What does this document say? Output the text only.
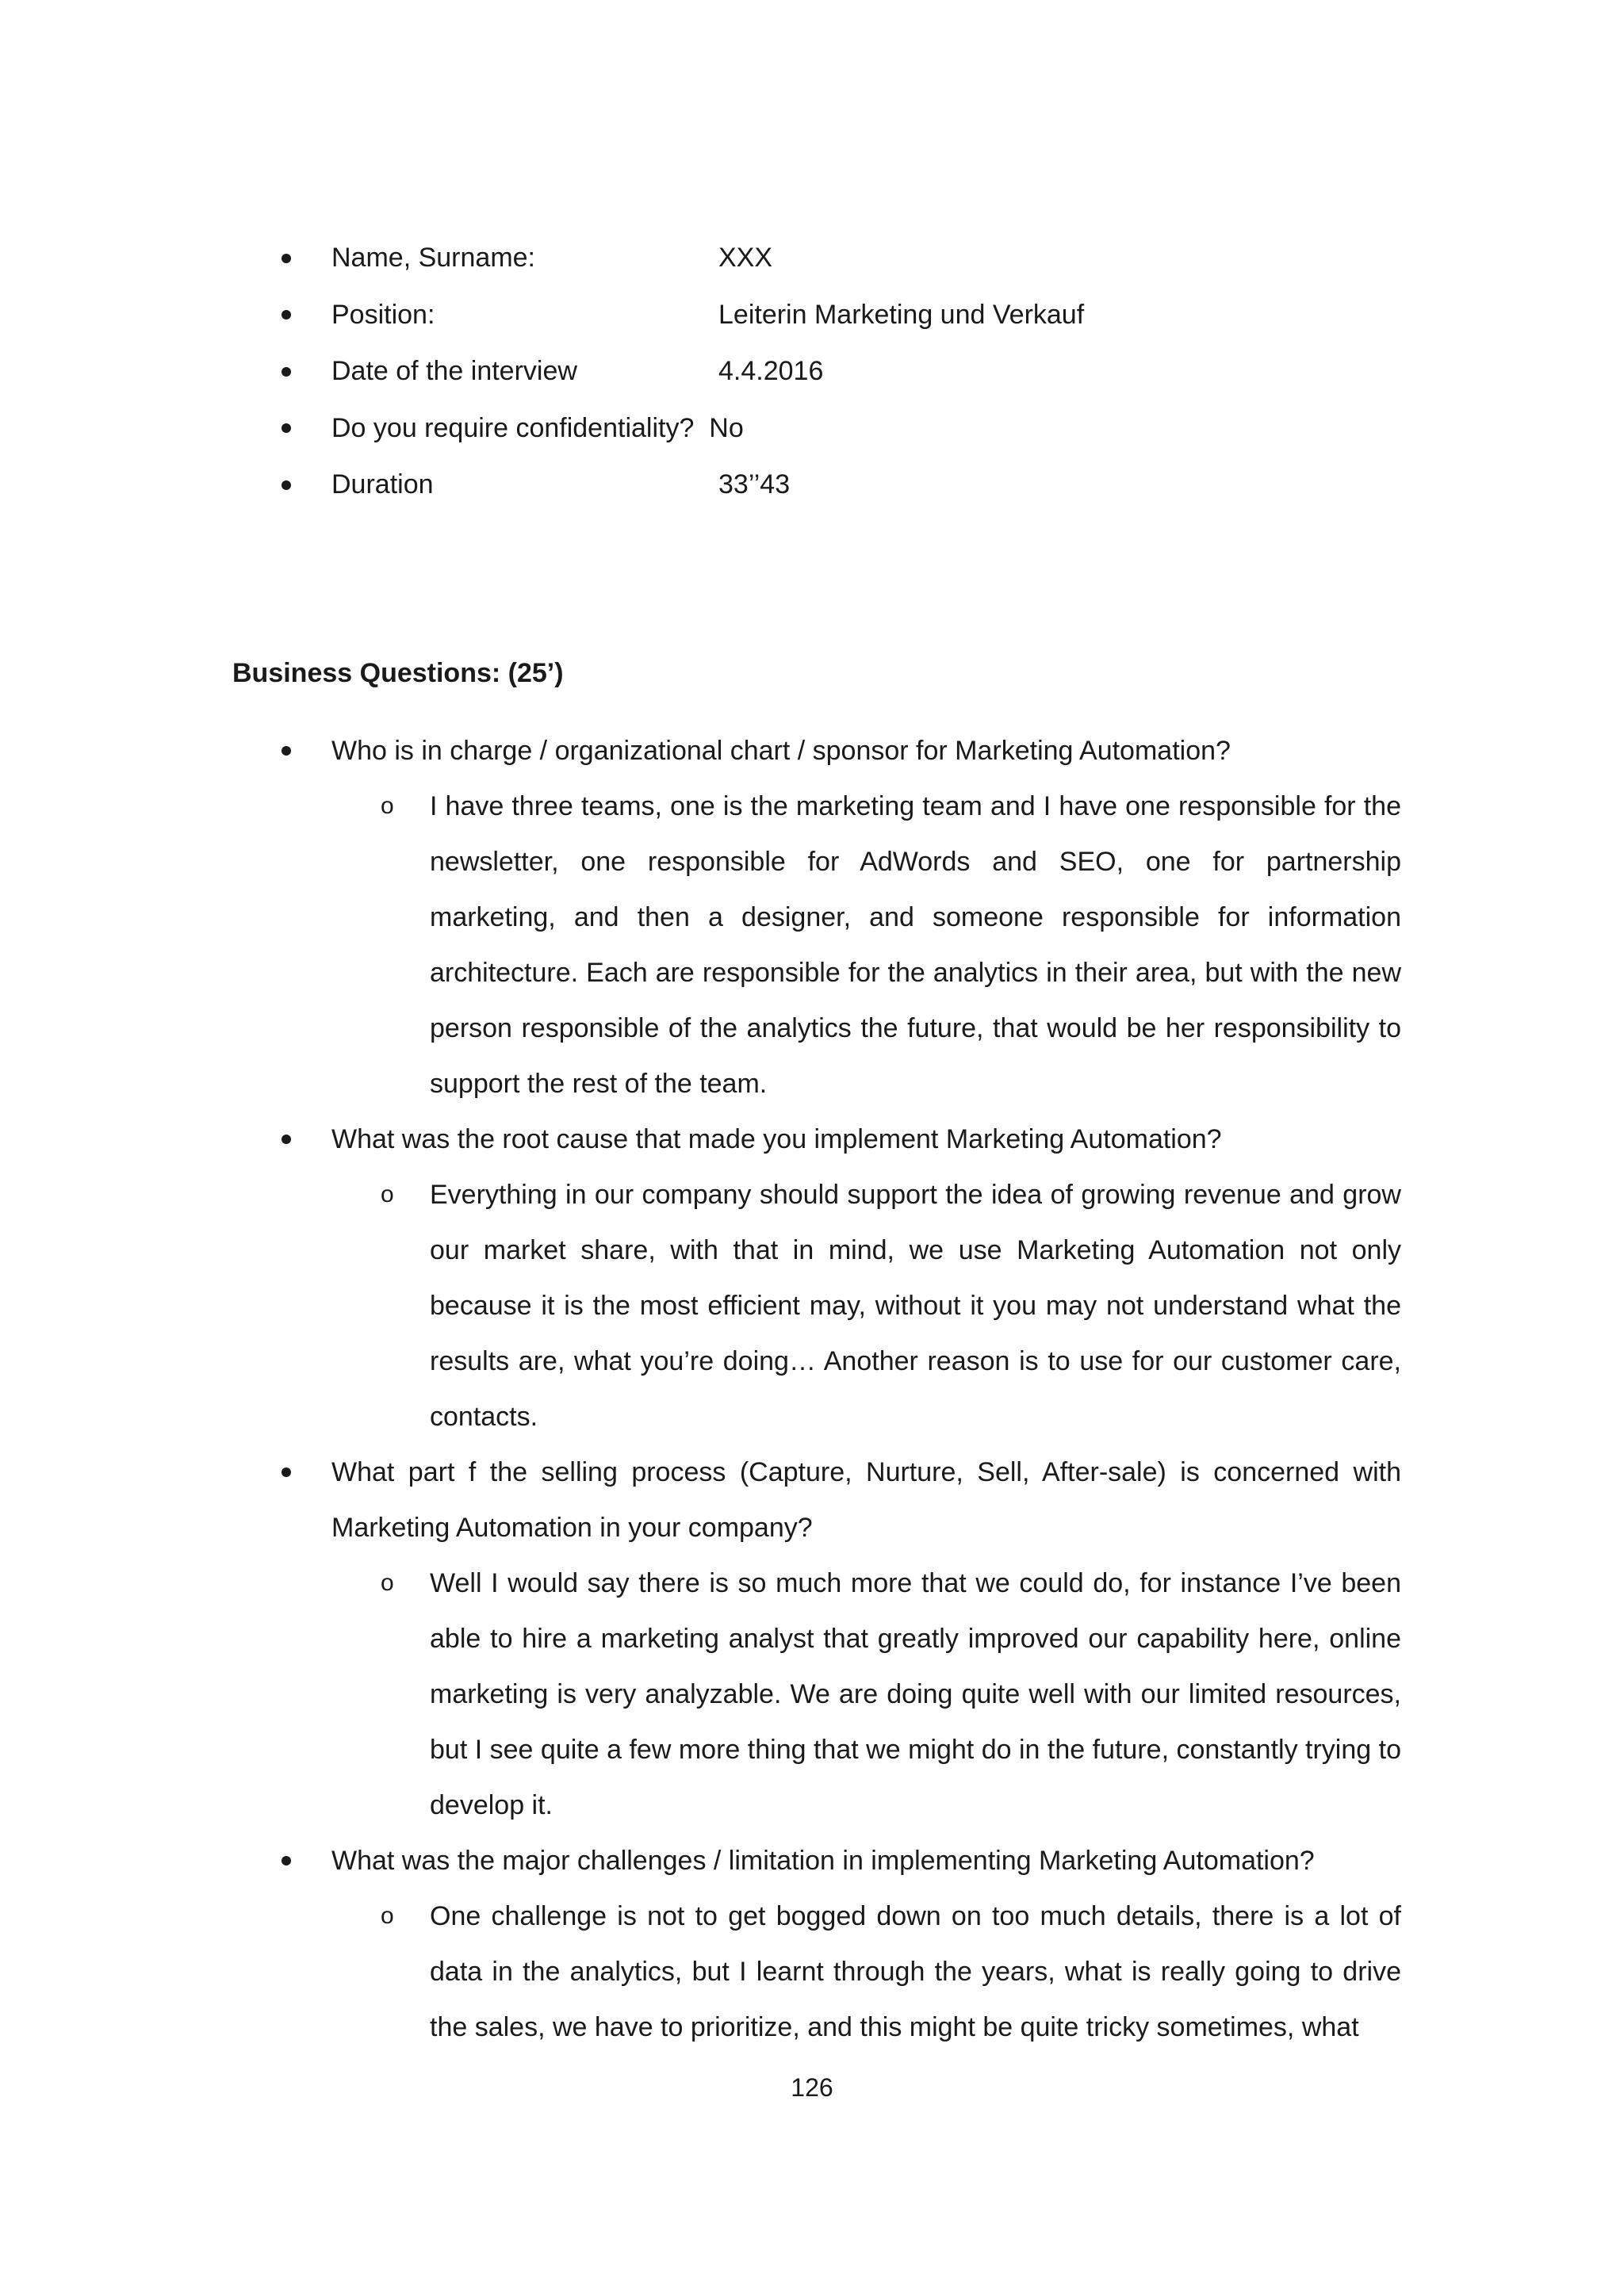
Name, Surname:	XXX
Position:	Leiterin Marketing und Verkauf
Date of the interview	4.4.2016
Do you require confidentiality? No
Duration	33’’43
Business Questions: (25’)
Who is in charge / organizational chart / sponsor for Marketing Automation?
o I have three teams, one is the marketing team and I have one responsible for the newsletter, one responsible for AdWords and SEO, one for partnership marketing, and then a designer, and someone responsible for information architecture. Each are responsible for the analytics in their area, but with the new person responsible of the analytics the future, that would be her responsibility to support the rest of the team.
What was the root cause that made you implement Marketing Automation?
o Everything in our company should support the idea of growing revenue and grow our market share, with that in mind, we use Marketing Automation not only because it is the most efficient may, without it you may not understand what the results are, what you’re doing… Another reason is to use for our customer care, contacts.
What part f the selling process (Capture, Nurture, Sell, After-sale) is concerned with Marketing Automation in your company?
o Well I would say there is so much more that we could do, for instance I’ve been able to hire a marketing analyst that greatly improved our capability here, online marketing is very analyzable. We are doing quite well with our limited resources, but I see quite a few more thing that we might do in the future, constantly trying to develop it.
What was the major challenges / limitation in implementing Marketing Automation?
o One challenge is not to get bogged down on too much details, there is a lot of data in the analytics, but I learnt through the years, what is really going to drive the sales, we have to prioritize, and this might be quite tricky sometimes, what
126
